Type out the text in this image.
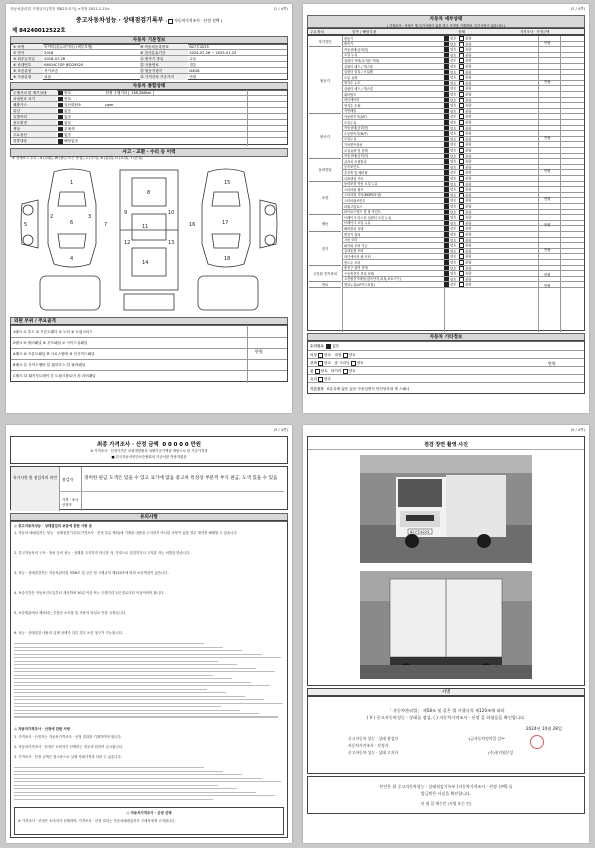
자동차관리법 시행규칙 [별지 제82호서식] <개정 2021.1.15>	(1 / 4쪽)
중고자동차성능 · 상태점검기록부 ( 자동차가격조사 · 산정 선택 )
제 84240012522호
자동차 기본정보
① 차명	마이티(올뉴마이티) (세부모델)	⑨ 자동차등록번호	827우4225
② 연식	2018	⑩ 검사유효기간	2024-07-26 ~ 2025-01-25
③ 최초등록일	2018-07-26	⑪ 변속기 종류	수동
④ 차대번호	KMCHC7GP JED29520	⑫ 사용연료	경유
⑤ 보증유형	자가보증	⑬ 원동기형식	D4GB
⑥ 사용유형	화물	⑭ 가격산정 기준가격	만원
자동차 종합상태
주행거리 및 계기상태	양호	현재 주행거리 [ 138,286km ]
차대번호 표기	양호
배출가스	일산화탄소	ppm
튜닝	없음
특별이력	없음
용도변경	없음
색상	무채색
주요옵션	없음
리콜대상	해당없음
사고 · 교환 · 수리 등 이력
※ 상태표시 부호 : X (교환), W (판금 또는 용접), C (부식), A (흠집), U (요철), T (손상)
1
2	3
4
5	6	7
8
9	10
11
12	13
14
15
16	17
18
외판 부위 / 주요골격
1랭크 ① 후드 ② 프론트펜더 ③ 도어 ④ 트렁크리드
2랭크 ⑤ 쿼터패널 ⑥ 루프패널 ⑦ 사이드실패널
A랭크 ⑧ 프론트패널 ⑨ 크로스멤버 ⑩ 인사이드패널
B랭크 ⑪ 사이드멤버 ⑫ 휠하우스 ⑬ 필러패널
C랭크 ⑭ 패키지트레이 ⑮ 트렁크플로어 ⑯ 리어패널
만원
(2 / 4쪽)
자동차 세부상태
( 가격조사 · 산정은 행 특기사항이 없을 경우 가격을 기재하며, 특기사항이 없습니다 )
주요장치	항목 / 해당부품	상태	가격조사 · 산정금액
원동기	양호	불량
변속기	양호	불량
자기진단	만원
작동상태(공회전)	양호	불량
오일 누유	양호	불량
실린더 커버(로커암 커버)	양호	불량
실린더 헤드 / 개스킷	양호	불량
실린더 블록 / 오일팬	양호	불량
오일 유량	양호	불량
냉각수 누수	양호	불량
실린더 헤드 / 개스킷	양호	불량
워터펌프	양호	불량
라디에이터	양호	불량
냉각수 수량	양호	불량
커먼레일	양호	불량
원동기	만원
자동변속기(A/T)	양호	불량
오일누유	양호	불량
작동상태(공회전)	양호	불량
수동변속기(M/T)	양호	불량
오일누유	양호	불량
기어변속장치	양호	불량
오일유량 및 상태	양호	불량
작동상태(공회전)	양호	불량
변속기	만원
클러치 어셈블리	양호	불량
등속조인트	양호	불량
추진축 및 베어링	양호	불량
디퍼렌셜 기어	양호	불량
동력전달	만원
동력조향 작동 오일 누유	양호	불량
스티어링 펌프	양호	불량
스티어링 기어(MDPS포함)	양호	불량
스티어링조인트	양호	불량
파워고압호스	양호	불량
타이로드엔드 및 볼 조인트	양호	불량
조향	만원
브레이크 마스터 실린더 오일 누유	양호	불량
브레이크 오일 누유	양호	불량
배력장치 상태	양호	불량
제동	만원
발전기 출력	양호	불량
시동 모터	양호	불량
와이퍼 모터 기능	양호	불량
실내송풍 모터	양호	불량
라디에이터 팬 모터	양호	불량
윈도우 모터	양호	불량
전기	만원
충전구 절연 상태	양호	불량
구동축전지 격리 상태	양호	불량
고전원전기배선(접속단자,피복,보호기구)	양호	불량
고전원 전기장치	만원
연료누출(LP가스포함)	양호	불량
연료	만원
자동차 기타정보
수리필요 없음
외장 양호 내장 양호
광택 양호 룸 크리닝 양호
휠 양호 타이어 양호
유리 양호
기본품목 보유상태 없음 있음 사용설명서 안전삼각대 잭 스패너
만원
(3 / 4쪽)
최종 가격조사 · 산정 금액 0 0 0 0 0 만원
※ 가격조사 · 산정가격은 보험개발원의 차량기준가액을 바탕으로 한 기준가격과
■ 한국자동차진단보증협회의 기준서를 적용하였음
특기사항 및 점검자의 의견 점검자 경미한 판금 도색은 있을 수 있고 표기에 않음 중고차 특성상 부분적 부식 판금, 도색 있을 수 있음
가격 · 조사산정자
유의사항
◎ 중고자동차성능 · 상태점검의 보증에 관한 사항 등
1. 자동차 매매업자는 성능 · 상태점검기록부(가격조사 · 산정 부분 제외)에 기재된 내용을 고지하지 아니한 사항이 있을 경우 계약을 해제할 수 있습니다.
2. 중고자동차의 구조 · 장치 등의 성능 · 상태를 고지하지 아니한 자, 거짓으로 점검하거나 고지한 자는 처벌을 받습니다.
3. 성능 · 상태점검자는 자동차관리법 제58조 및 같은 법 시행규칙 제120조에 따라 보증책임이 있습니다.
4. 보증기간은 자동차인도일부터 계산하며 30일 이상 또는 주행거리 2천 킬로미터 이상이어야 합니다.
5. 보증범위에서 제외되는 부품은 소모품 및 사용자 과실로 인한 고장입니다.
6. 성능 · 상태점검 내용과 실제 상태가 다른 경우 보증 청구가 가능합니다.
◎ 자동차가격조사 · 산정에 관한 사항
1. 가격조사 · 산정자는 자동차가격조사 · 산정 결과를 기재하여야 합니다.
2. 자동차가격조사 · 산정은 소비자가 선택하는 경우에 한하여 실시합니다.
3. 가격조사 · 산정 금액은 참고용으로 실제 거래가격과 다를 수 있습니다.
◎ 자동차가격조사 · 산정 선택
※ 가격조사 · 산정은 소비자가 선택하며, 가격조사 · 산정 결과는 자동차매매업자가 구매자에게 고지합니다.
(4 / 4쪽)
점검 장면 촬영 사진
827우4225
서명
「 자동차관리법」 제58조 및 같은 법 시행규칙 제120조에 따라
( V ) 중고자동차성능 · 상태를 점검, ( ) 자동차가격조사 · 산정 을 하였음을 확인합니다.
2024년 10월 28일
중고자동차 성능 · 상태 점검자	1급자동차정비업 김**
자동차가격조사 · 산정자
중고자동차 성능 · 상태 고지자	(주)천지원문성
본인은 위 중고자동차성능 · 상태점검기록부 [자동차가격조사 · 산정 선택] 를
발급받은 사실을 확인합니다.
년 월 일 매수인 (서명 또는 인)
